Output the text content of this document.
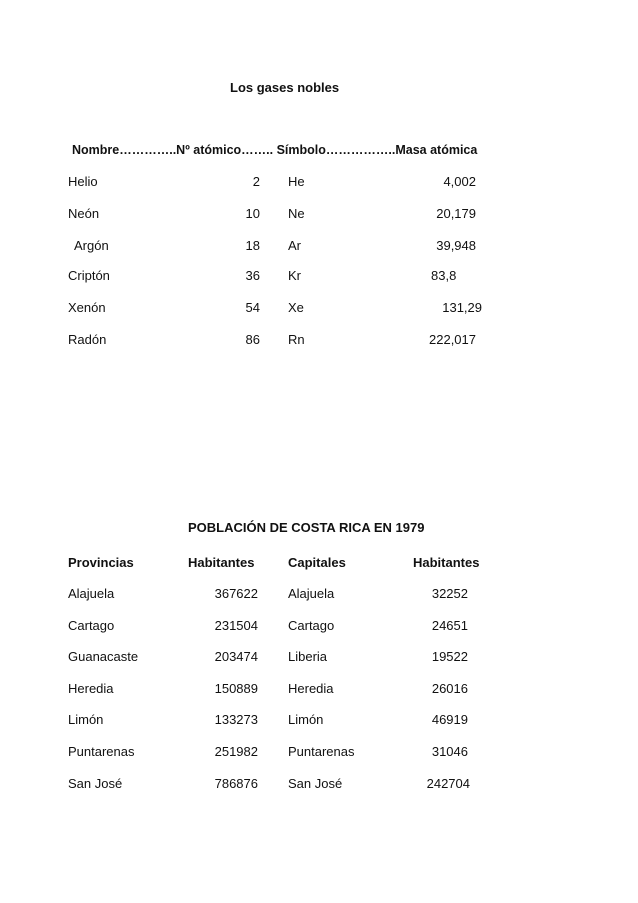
Los gases nobles
Nombre…………..Nº atómico…….. Símbolo……………..Masa atómica
Helio	2 He	4,002
Neón	10 Ne	20,179
Argón	18 Ar	39,948
Criptón	36 Kr	83,8
Xenón	54 Xe	131,29
Radón	86 Rn	222,017
POBLACIÓN DE COSTA RICA EN 1979
Provincias	Habitantes	Capitales	Habitantes
Alajuela	367622 Alajuela	32252
Cartago	231504 Cartago	24651
Guanacaste	203474 Liberia	19522
Heredia	150889 Heredia	26016
Limón	133273 Limón	46919
Puntarenas	251982 Puntarenas	31046
San José	786876 San José	242704
